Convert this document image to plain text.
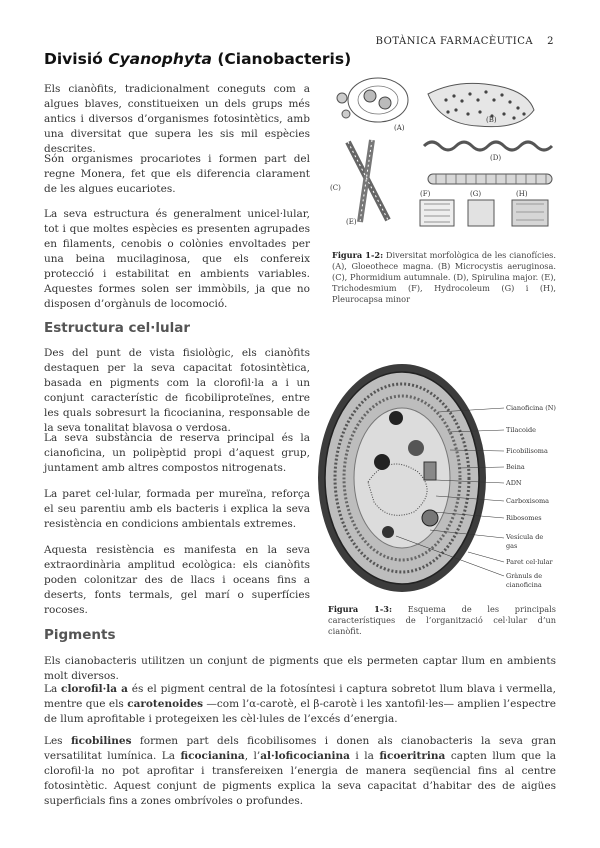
BOTÀNICA FARMACÈUTICA 2
Divisió Cyanophyta (Cianobacteris)

Els cianòfits, tradicionalment coneguts com a algues blaves, constitueixen un dels grups més antics i diversos d’organismes fotosintètics, amb una diversitat que supera les sis mil espècies descrites.

Són organismes procariotes i formen part del regne Monera, fet que els diferencia clarament de les algues eucariotes.

La seva estructura és generalment unicel·lular, tot i que moltes espècies es presenten agrupades en filaments, cenobis o colònies envoltades per una beina mucilaginosa, que els confereix protecció i estabilitat en ambients variables. Aquestes formes solen ser immòbils, ja que no disposen d’orgànuls de locomoció.

(A)
(B)
(C)
(D)
(E)
(F)	(G)	(H)
Figura 1-2: Diversitat morfològica de les cianofícies. (A), Gloeothece magna. (B) Microcystis aeruginosa. (C), Phormidium autumnale. (D), Spirulina major. (E), Trichodesmium (F), Hydrocoleum (G) i (H), Pleurocapsa minor
Estructura cel·lular

Des del punt de vista fisiològic, els cianòfits destaquen per la seva capacitat fotosintètica, basada en pigments com la clorofil·la a i un conjunt característic de ficobiliproteïnes, entre les quals sobresurt la ficocianina, responsable de la seva tonalitat blavosa o verdosa.

La seva substància de reserva principal és la cianoficina, un polipèptid propi d’aquest grup, juntament amb altres compostos nitrogenats.

La paret cel·lular, formada per mureïna, reforça el seu parentiu amb els bacteris i explica la seva resistència en condicions ambientals extremes.

Aquesta resistència es manifesta en la seva extraordinària amplitud ecològica: els cianòfits poden colonitzar des de llacs i oceans fins a deserts, fonts termals, gel marí o superfícies rocoses.

Cianoficina (N)
Tilacoide
Ficobilisoma
Beina
ADN
Carboxisoma
Ribosomes
Vesícula de
gas
Paret cel·lular
Grànuls de
cianoficina
Figura 1-3: Esquema de les principals característiques de l’organització cel·lular d’un cianòfit.
Pigments

Els cianobacteris utilitzen un conjunt de pigments que els permeten captar llum en ambients molt diversos.

La clorofil·la a és el pigment central de la fotosíntesi i captura sobretot llum blava i vermella, mentre que els carotenoides —com l’α-carotè, el β-carotè i les xantofil·les— amplien l’espectre de llum aprofitable i protegeixen les cèl·lules de l’excés d’energia.

Les ficobilines formen part dels ficobilisomes i donen als cianobacteris la seva gran versatilitat lumínica. La ficocianina, l’al·loficocianina i la ficoeritrina capten llum que la clorofil·la no pot aprofitar i transfereixen l’energia de manera seqüencial fins al centre fotosintètic. Aquest conjunt de pigments explica la seva capacitat d’habitar des de aigües superficials fins a zones ombrívoles o profundes.
